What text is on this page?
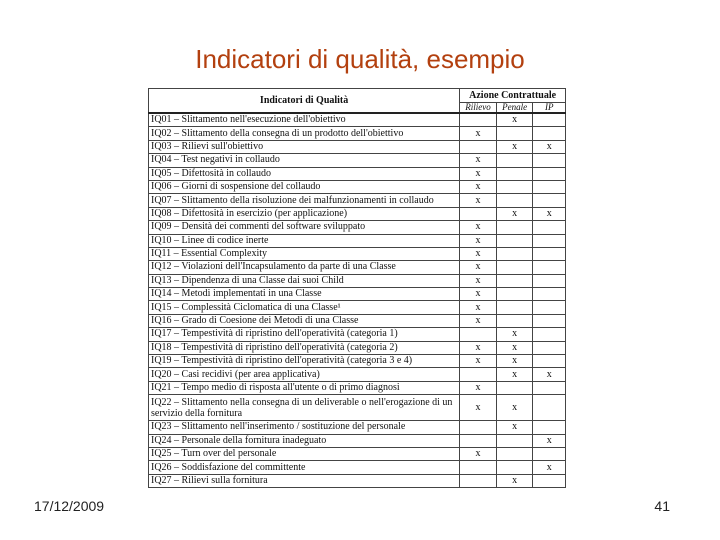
Indicatori di qualità, esempio
Indicatori di Qualità	Azione Contrattuale		
	Rilievo	Penale	IP
IQ01 – Slittamento nell'esecuzione dell'obiettivo		x	
IQ02 – Slittamento della consegna di un prodotto dell'obiettivo	x		
IQ03 – Rilievi sull'obiettivo		x	x
IQ04 – Test negativi in collaudo	x		
IQ05 – Difettosità in collaudo	x		
IQ06 – Giorni di sospensione del collaudo	x		
IQ07 – Slittamento della risoluzione dei malfunzionamenti in collaudo	x		
IQ08 – Difettosità in esercizio (per applicazione)		x	x
IQ09 – Densità dei commenti del software sviluppato	x		
IQ10 – Linee di codice inerte	x		
IQ11 – Essential Complexity	x		
IQ12 – Violazioni dell'Incapsulamento da parte di una Classe	x		
IQ13 – Dipendenza di una Classe dai suoi Child	x		
IQ14 – Metodi implementati in una Classe	x		
IQ15 – Complessità Ciclomatica di una Classe¹	x		
IQ16 – Grado di Coesione dei Metodi di una Classe	x		
IQ17 – Tempestività di ripristino dell'operatività (categoria 1)		x	
IQ18 – Tempestività di ripristino dell'operatività (categoria 2)	x	x	
IQ19 – Tempestività di ripristino dell'operatività (categoria 3 e 4)	x	x	
IQ20 – Casi recidivi (per area applicativa)		x	x
IQ21 – Tempo medio di risposta all'utente o di primo diagnosi	x		
IQ22 – Slittamento nella consegna di un deliverable o nell'erogazione di un servizio della fornitura	x	x	
IQ23 – Slittamento nell'inserimento / sostituzione del personale		x	
IQ24 – Personale della fornitura inadeguato			x
IQ25 – Turn over del personale	x		
IQ26 – Soddisfazione del committente			x
IQ27 – Rilievi sulla fornitura		x	
17/12/2009	41
